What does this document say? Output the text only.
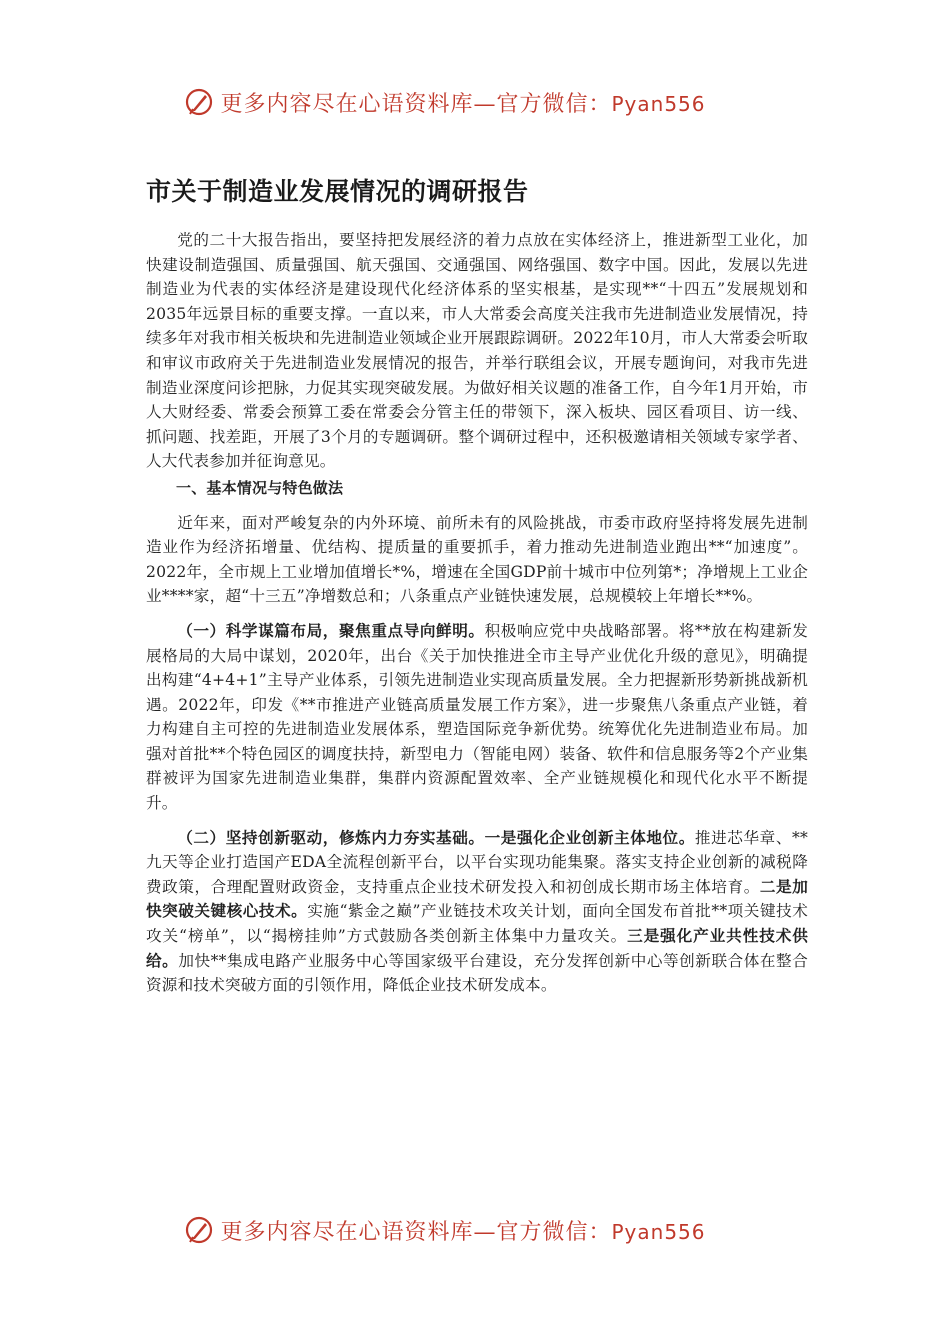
更多内容尽在心语资料库—官方微信：Pyan556
市关于制造业发展情况的调研报告

党的二十大报告指出，要坚持把发展经济的着力点放在实体经济上，推进新型工业化，加快建设制造强国、质量强国、航天强国、交通强国、网络强国、数字中国。因此，发展以先进制造业为代表的实体经济是建设现代化经济体系的坚实根基，是实现**“十四五”发展规划和2035年远景目标的重要支撑。一直以来，市人大常委会高度关注我市先进制造业发展情况，持续多年对我市相关板块和先进制造业领域企业开展跟踪调研。2022年10月，市人大常委会听取和审议市政府关于先进制造业发展情况的报告，并举行联组会议，开展专题询问，对我市先进制造业深度问诊把脉，力促其实现突破发展。为做好相关议题的准备工作，自今年1月开始，市人大财经委、常委会预算工委在常委会分管主任的带领下，深入板块、园区看项目、访一线、抓问题、找差距，开展了3个月的专题调研。整个调研过程中，还积极邀请相关领域专家学者、人大代表参加并征询意见。

一、基本情况与特色做法

近年来，面对严峻复杂的内外环境、前所未有的风险挑战，市委市政府坚持将发展先进制造业作为经济拓增量、优结构、提质量的重要抓手，着力推动先进制造业跑出**“加速度”。2022年，全市规上工业增加值增长*%，增速在全国GDP前十城市中位列第*；净增规上工业企业****家，超“十三五”净增数总和；八条重点产业链快速发展，总规模较上年增长**%。

（一）科学谋篇布局，聚焦重点导向鲜明。积极响应党中央战略部署。将**放在构建新发展格局的大局中谋划，2020年，出台《关于加快推进全市主导产业优化升级的意见》，明确提出构建“4+4+1”主导产业体系，引领先进制造业实现高质量发展。全力把握新形势新挑战新机遇。2022年，印发《**市推进产业链高质量发展工作方案》，进一步聚焦八条重点产业链，着力构建自主可控的先进制造业发展体系，塑造国际竞争新优势。统筹优化先进制造业布局。加强对首批**个特色园区的调度扶持，新型电力（智能电网）装备、软件和信息服务等2个产业集群被评为国家先进制造业集群，集群内资源配置效率、全产业链规模化和现代化水平不断提升。

（二）坚持创新驱动，修炼内力夯实基础。一是强化企业创新主体地位。推进芯华章、**九天等企业打造国产EDA全流程创新平台，以平台实现功能集聚。落实支持企业创新的减税降费政策，合理配置财政资金，支持重点企业技术研发投入和初创成长期市场主体培育。二是加快突破关键核心技术。实施“紫金之巅”产业链技术攻关计划，面向全国发布首批**项关键技术攻关“榜单”，以“揭榜挂帅”方式鼓励各类创新主体集中力量攻关。三是强化产业共性技术供给。加快**集成电路产业服务中心等国家级平台建设，充分发挥创新中心等创新联合体在整合资源和技术突破方面的引领作用，降低企业技术研发成本。

更多内容尽在心语资料库—官方微信：Pyan556
